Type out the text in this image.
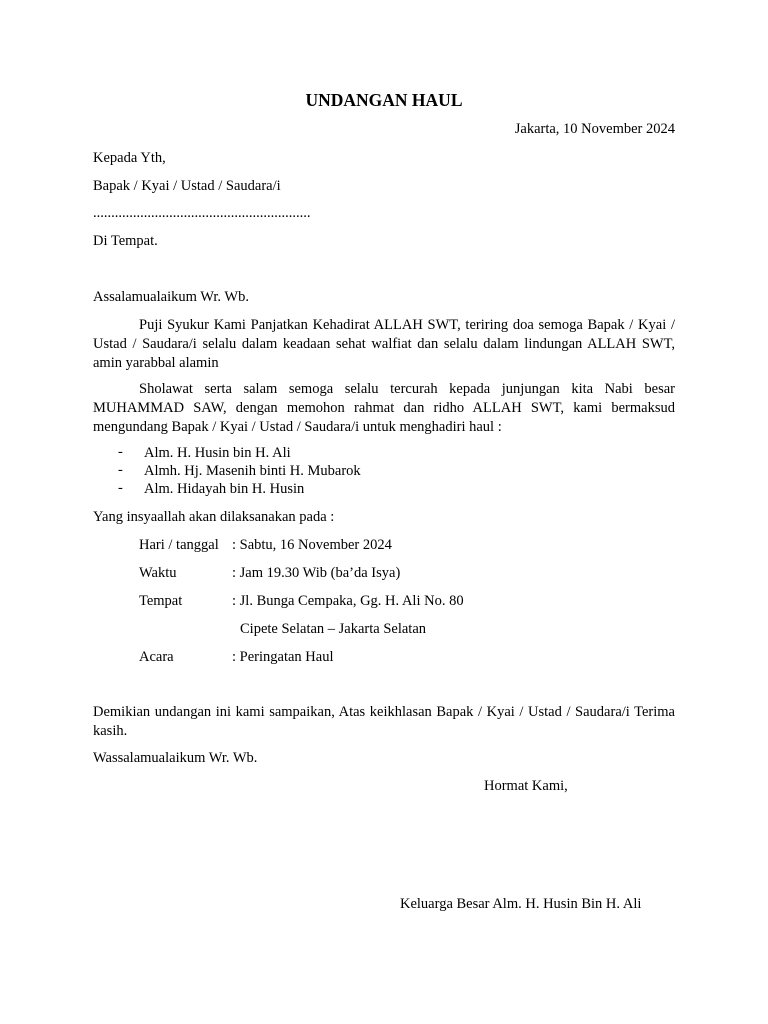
UNDANGAN HAUL
Jakarta, 10 November 2024
Kepada Yth,
Bapak / Kyai / Ustad / Saudara/i
............................................................
Di Tempat.
Assalamualaikum Wr. Wb.
Puji Syukur Kami Panjatkan Kehadirat ALLAH SWT, teriring doa semoga Bapak / Kyai / Ustad / Saudara/i selalu dalam keadaan sehat walfiat dan selalu dalam lindungan ALLAH SWT, amin yarabbal alamin
Sholawat serta salam semoga selalu tercurah kepada junjungan kita Nabi besar MUHAMMAD SAW, dengan memohon rahmat dan ridho ALLAH SWT, kami bermaksud mengundang Bapak / Kyai / Ustad / Saudara/i untuk menghadiri haul :
- Alm. H. Husin bin H. Ali
- Almh. Hj. Masenih binti H. Mubarok
- Alm. Hidayah bin H. Husin
Yang insyaallah akan dilaksanakan pada :
Hari / tanggal : Sabtu, 16 November 2024
Waktu	: Jam 19.30 Wib (ba’da Isya)
Tempat	: Jl. Bunga Cempaka, Gg. H. Ali No. 80
Cipete Selatan – Jakarta Selatan
Acara	: Peringatan Haul
Demikian undangan ini kami sampaikan, Atas keikhlasan Bapak / Kyai / Ustad / Saudara/i Terima kasih.
Wassalamualaikum Wr. Wb.
Hormat Kami,
Keluarga Besar Alm. H. Husin Bin H. Ali
